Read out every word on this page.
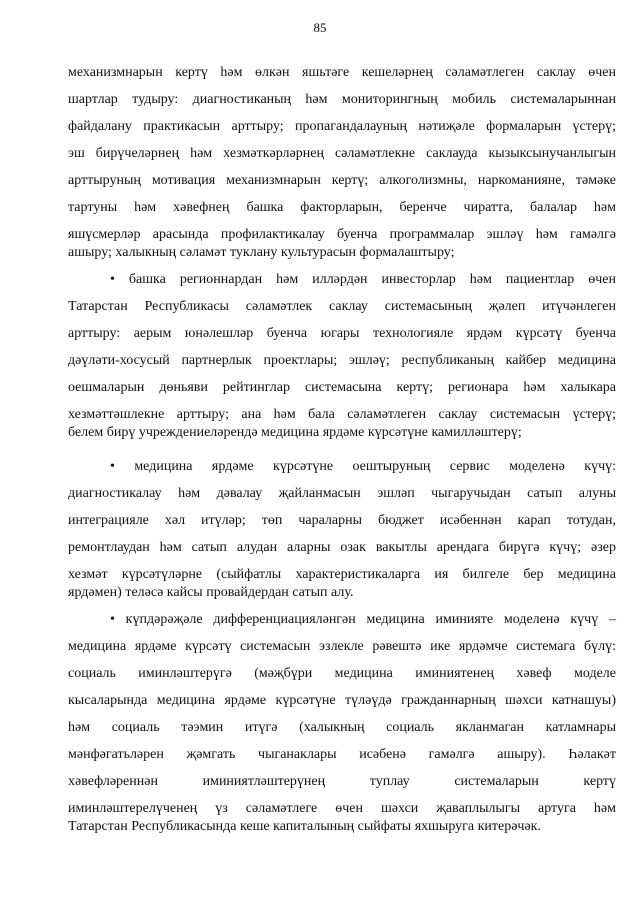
85
механизмнарын кертү һәм өлкән яшьтәге кешеләрнең сәламәтлеген саклау өчен
шартлар тудыру: диагностиканың һәм мониторингның мобиль системаларыннан
файдалану практикасын арттыру; пропагандалауның нәтиҗәле формаларын үстерү;
эш бирүчеләрнең һәм хезмәткәрләрнең сәламәтлекне саклауда кызыксынучанлыгын
арттыруның мотивация механизмнарын кертү; алкоголизмны, наркоманияне, тәмәке
тартуны һәм хәвефнең башка факторларын, беренче чиратта, балалар һәм
яшүсмерләр арасында профилактикалау буенча программалар эшләү һәм гамәлгә
ашыру; халыкның сәламәт туклану культурасын формалаштыру;
• башка регионнардан һәм илләрдән инвесторлар һәм пациентлар өчен
Татарстан Республикасы сәламәтлек саклау системасының җәлеп итүчәнлеген
арттыру: аерым юнәлешләр буенча югары технологияле ярдәм күрсәтү буенча
дәүләти-хосусый партнерлык проектлары; эшләү; республиканың кайбер медицина
оешмаларын дөньяви рейтинглар системасына кертү; регионара һәм халыкара
хезмәттәшлекне арттыру; ана һәм бала сәламәтлеген саклау системасын үстерү;
белем бирү учреждениеләрендә медицина ярдәме күрсәтүне камилләштерү;
• медицина ярдәме күрсәтүне оештыруның сервис моделенә күчү:
диагностикалау һәм дәвалау җайланмасын эшләп чыгаручыдан сатып алуны
интеграцияле хәл итүләр; төп чараларны бюджет исәбеннән карап тотудан,
ремонтлаудан һәм сатып алудан аларны озак вакытлы арендага бирүгә күчү; әзер
хезмәт күрсәтүләрне (сыйфатлы характеристикаларга ия билгеле бер медицина
ярдәмен) теләсә кайсы провайдердан сатып алу.
• күпдәрәҗәле дифференциацияләнгән медицина иминияте моделенә күчү –
медицина ярдәме күрсәтү системасын эзлекле рәвештә ике ярдәмче системага бүлү:
социаль иминләштерүгә (мәҗбүри медицина иминиятенең хәвеф моделе
кысаларында медицина ярдәме күрсәтүне түләүдә гражданнарның шәхси катнашуы)
һәм социаль тәэмин итүгә (халыкның социаль якланмаган катламнары
мәнфәгатьләрен җәмгать чыганаклары исәбенә гамәлгә ашыру). Һәлакәт
хәвефләреннән иминиятләштерүнең туплау системаларын кертү
иминләштерелүченең үз сәламәтлеге өчен шәхси җаваплылыгы артуга һәм
Татарстан Республикасында кеше капиталының сыйфаты яхшыруга китерәчәк.
